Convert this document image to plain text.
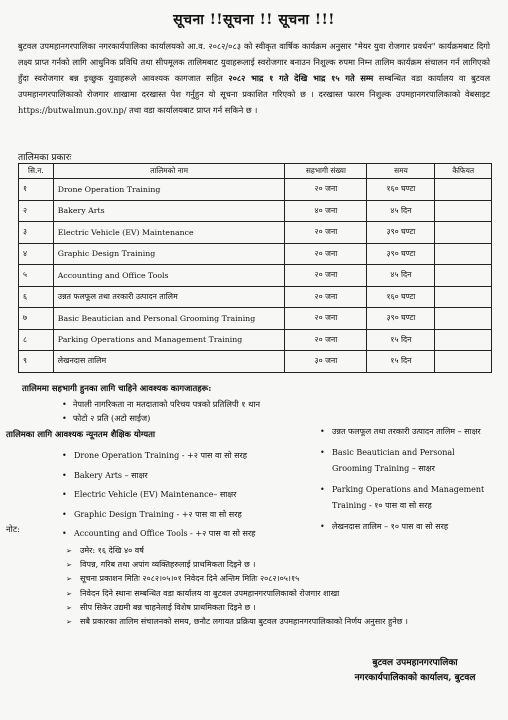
सूचना !!सूचना !! सूचना !!!
बुटवल उपमहानगरपालिका नगरकार्यपालिका कार्यालयको आ.व. २०८२/०८३ को स्वीकृत वार्षिक कार्यक्रम अनुसार "मेयर युवा रोजगार प्रवर्धन" कार्यक्रमबाट दिगो लक्ष्य प्राप्त गर्नको लागि आधुनिक प्रविधि तथा सीपमूलक तालिमबाट युवाहरूलाई स्वरोजगार बनाउन निशुल्क रुपमा निम्न तालिम कार्यक्रम संचालन गर्न लागिएको हुँदा स्वरोजगार बन्न इच्छुक युवाहरूले आवश्यक कागजात सहित २०८२ भाद्र १ गते देखि भाद्र १५ गते सम्म सम्बन्धित वडा कार्यालय वा बुटवल उपमहानगरपालिकाको रोजगार शाखामा दरखास्त पेश गर्नुहुन यो सूचना प्रकाशित गरिएको छ । दरखास्त फारम निशुल्क उपमहानगरपालिकाको वेबसाइट https://butwalmun.gov.np/ तथा वडा कार्यालयबाट प्राप्त गर्न सकिने छ ।
तालिमका प्रकारः
सि.न.	तालिमको नाम	सहभागी संख्या	समय	कैफियत
१	Drone Operation Training	२० जना	१६० घण्टा	
२	Bakery Arts	४० जना	४५ दिन	
३	Electric Vehicle (EV) Maintenance	२० जना	३९० घण्टा	
४	Graphic Design Training	२० जना	३९० घण्टा	
५	Accounting and Office Tools	२० जना	४५ दिन	
६	उन्नत फलफूल तथा तरकारी उत्पादन तालिम	२० जना	१६० घण्टा	
७	Basic Beautician and Personal Grooming Training	२० जना	३९० घण्टा	
८	Parking Operations and Management Training	२० जना	१५ दिन	
९	लेखनदास तालिम	३० जना	१५ दिन	
तालिममा सहभागी हुनका लागि चाहिने आवश्यक कागजातहरू:
• नेपाली नागरिकता ना मतदाताको परिचय पत्रको प्रतिलिपी १ थान
• फोटो २ प्रति (अटो साईज)
तालिमका लागि आवश्यक न्यूनतम शैक्षिक योग्यता
• Drone Operation Training - +२ पास वा सो सरह
• Bakery Arts – साक्षर
• Electric Vehicle (EV) Maintenance– साक्षर
• Graphic Design Training - +२ पास वा सो सरह
• Accounting and Office Tools - +२ पास वा सो सरह
• उन्नत फलफूल तथा तरकारी उत्पादन तालिम – साक्षर
• Basic Beautician and Personal Grooming Training – साक्षर
• Parking Operations and Management Training - १० पास वा सो सरह
• लेखनदास तालिम – १० पास वा सो सरह
नोट:
➢ उमेर: १६ देखि ४० वर्ष
➢ विपन्न, गरिब तथा अपांग व्यक्तिहरुलाई प्राथमिकता दिइने छ ।
➢ सूचना प्रकाशन मितिः २०८२।०५।०१ निवेदन दिने अन्तिम मितिः २०८२।०५।१५
➢ निवेदन दिने स्थानः सम्बन्धित वडा कार्यालय वा बुटवल उपमहानगरपालिकाको रोजगार शाखा
➢ सीप सिकेर उद्यमी बन्न चाहनेलाई विशेष प्राथमिकता दिइने छ ।
➢ सबै प्रकारका तालिम संचालनको समय, छनौट लगायत प्रक्रिया बुटवल उपमहानगरपालिकाको निर्णय अनुसार हुनेछ ।
बुटवल उपमहानगरपालिका
नगरकार्यपालिकाको कार्यालय, बुटवल
